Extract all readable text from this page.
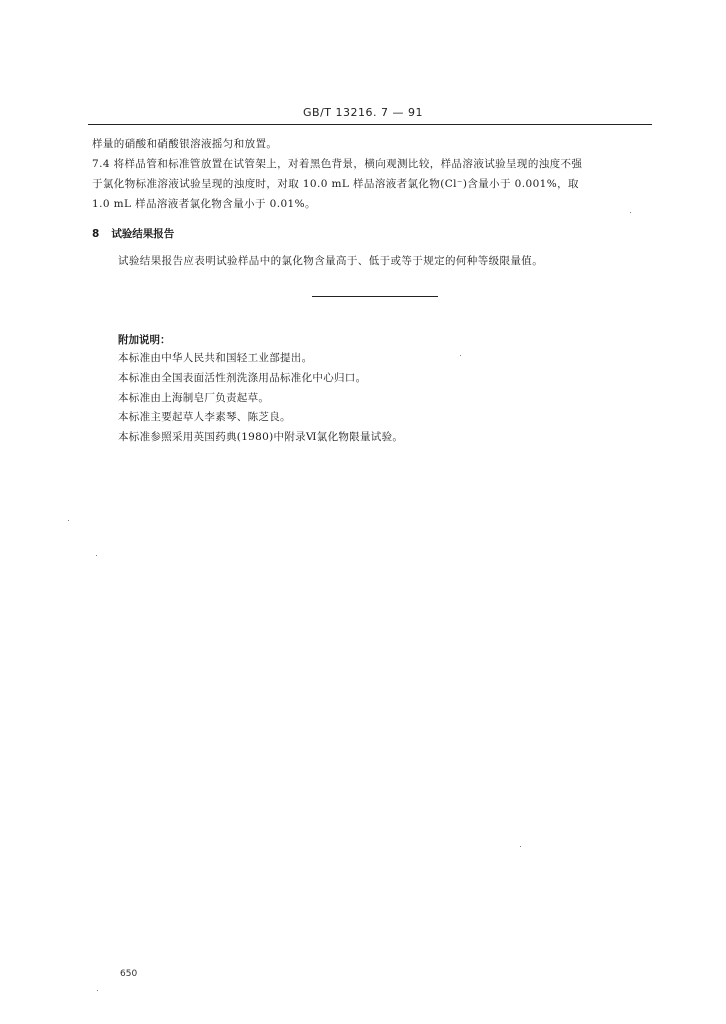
GB/T 13216. 7 — 91
样量的硝酸和硝酸银溶液摇匀和放置。
7.4 将样品管和标准管放置在试管架上，对着黑色背景，横向观测比较，样品溶液试验呈现的浊度不强
于氯化物标准溶液试验呈现的浊度时，对取 10.0 mL 样品溶液者氯化物(Cl⁻)含量小于 0.001%，取
1.0 mL 样品溶液者氯化物含量小于 0.01%。
8 试验结果报告
试验结果报告应表明试验样品中的氯化物含量高于、低于或等于规定的何种等级限量值。
附加说明：
本标准由中华人民共和国轻工业部提出。
本标准由全国表面活性剂洗涤用品标准化中心归口。
本标准由上海制皂厂负责起草。
本标准主要起草人李素琴、陈芝良。
本标准参照采用英国药典(1980)中附录Ⅵ氯化物限量试验。
650
